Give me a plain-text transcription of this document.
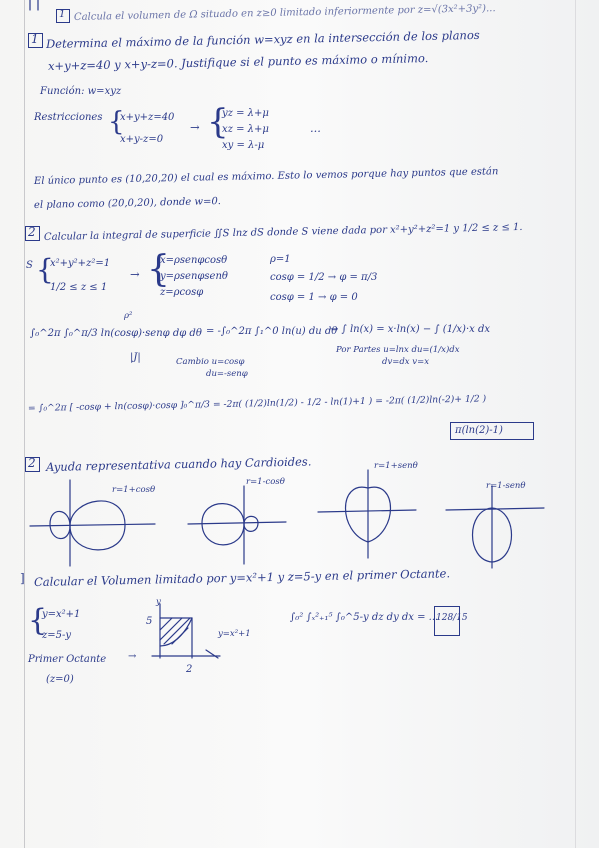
1 Calcula el volumen de Ω situado en z≥0 limitado inferiormente por z=√(3x²+3y²)...
1 Determina el máximo de la función w=xyz en la intersección de los planos
x+y+z=40 y x+y-z=0. Justifique si el punto es máximo o mínimo.
Función: w=xyz
Restricciones {
x+y+z=40
x+y-z=0
→ {
yz = λ+μ
xz = λ+μ
xy = λ-μ
...
El único punto es (10,20,20) el cual es máximo. Esto lo vemos porque hay puntos que están
el plano como (20,0,20), donde w=0.
2 Calcular la integral de superficie ∬S lnz dS donde S viene dada por x²+y²+z²=1 y 1/2 ≤ z ≤ 1.
S {
x²+y²+z²=1
1/2 ≤ z ≤ 1
→ {
x=ρsenφcosθ
y=ρsenφsenθ
z=ρcosφ
ρ=1
cosφ = 1/2 → φ = π/3
cosφ = 1 → φ = 0
ρ²
∫₀^2π ∫₀^π/3 ln(cosφ)·senφ dφ dθ
|J|
= -∫₀^2π ∫₁^0 ln(u) du dθ
→ ∫ ln(x) = x·ln(x) − ∫ (1/x)·x dx
Cambio u=cosφ
du=-senφ
Por Partes u=lnx du=(1/x)dx
dv=dx v=x
= ∫₀^2π [ -cosφ + ln(cosφ)·cosφ ]₀^π/3 = -2π( (1/2)ln(1/2) - 1/2 - ln(1)+1 ) = -2π( (1/2)ln(-2)+ 1/2 )
π(ln(2)-1)
2 Ayuda representativa cuando hay Cardioides.
r=1+cosθ
r=1-cosθ
r=1+senθ
r=1-senθ
] Calcular el Volumen limitado por y=x²+1 y z=5-y en el primer Octante.
{
y=x²+1
z=5-y
Primer Octante →
(z=0)
y
5
2
y=x²+1
∫₀² ∫ₓ²₊₁⁵ ∫₀^5-y dz dy dx = ...
128/15
